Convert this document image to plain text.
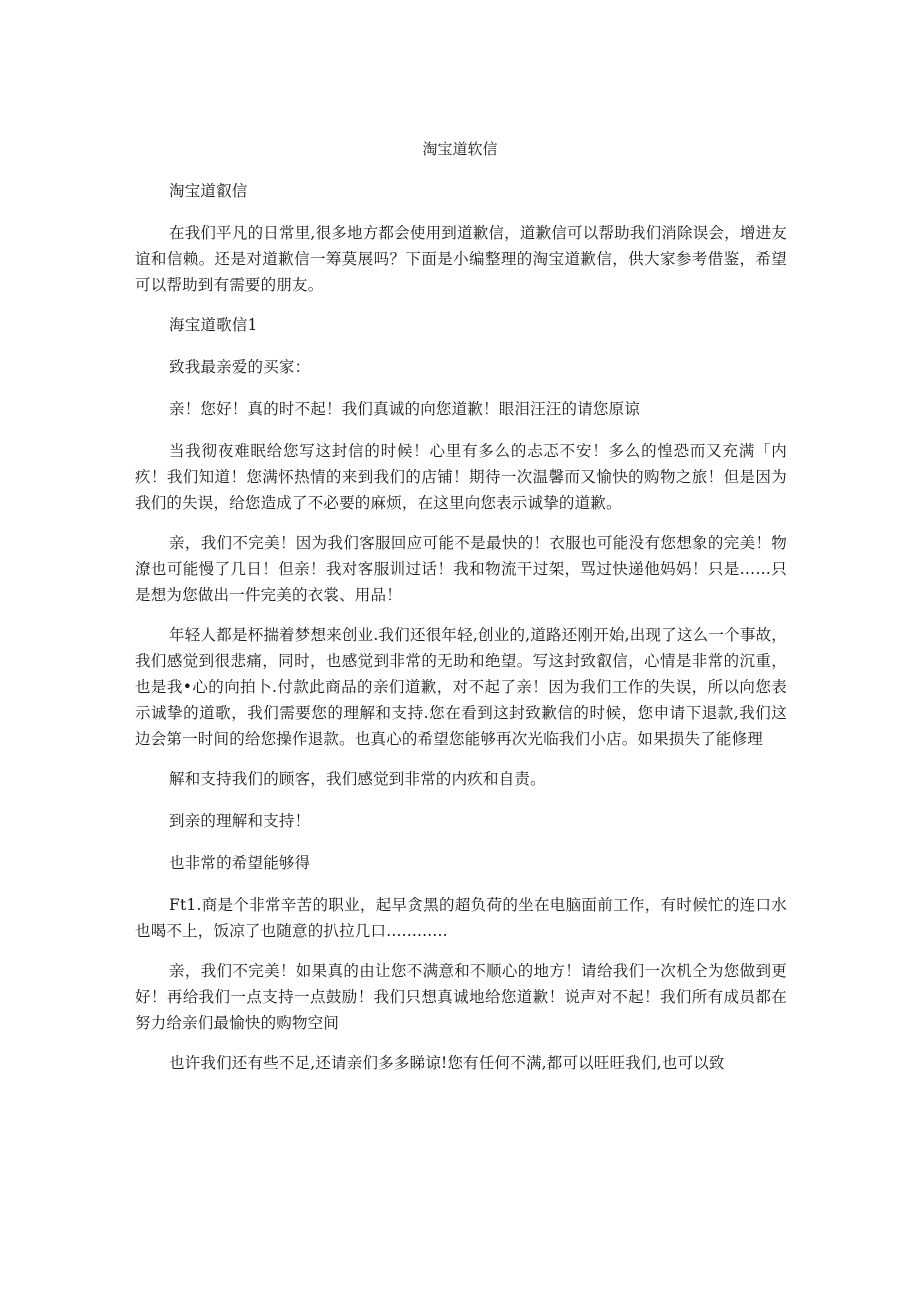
淘宝道软信

淘宝道叡信

在我们平凡的日常里,很多地方都会使用到道歉信，道歉信可以帮助我们消除误会，增进友谊和信赖。还是对道歉信一筹莫展吗？下面是小编整理的淘宝道歉信，供大家参考借鉴，希望可以帮助到有需要的朋友。

海宝道歌信1

致我最亲爱的买家：

亲！您好！真的时不起！我们真诚的向您道歉！眼泪汪汪的请您原谅

当我彻夜难眠给您写这封信的时候！心里有多么的忐忑不安！多么的惶恐而又充满「内疚！我们知道！您满怀热情的来到我们的店铺！期待一次温馨而又愉快的购物之旅！但是因为我们的失误，给您造成了不必要的麻烦，在这里向您表示诚挚的道歉。

亲，我们不完美！因为我们客服回应可能不是最快的！衣服也可能没有您想象的完美！物潦也可能慢了几日！但亲！我对客服训过话！我和物流干过架，骂过快递他妈妈！只是……只是想为您做出一件完美的衣裳、用品！

年轻人都是杯揣着梦想来创业.我们还很年轻,创业的,道路还刚开始,出现了这么一个事故，我们感觉到很悲痛，同时，也感觉到非常的无助和绝望。写这封致叡信，心情是非常的沉重，也是我•心的向拍卜.付款此商品的亲们道歉，对不起了亲！因为我们工作的失误，所以向您表示诚挚的道歌，我们需要您的理解和支持.您在看到这封致歉信的时候，您申请下退款,我们这边会第一时间的给您操作退款。也真心的希望您能够再次光临我们小店。如果损失了能修理

解和支持我们的顾客，我们感觉到非常的内疚和自责。

到亲的理解和支持！

也非常的希望能够得

Ft1.商是个非常辛苦的职业，起早贪黑的超负荷的坐在电脑面前工作，有时候忙的连口水也喝不上，饭凉了也随意的扒拉几口............

亲，我们不完美！如果真的由让您不满意和不顺心的地方！请给我们一次机仝为您做到更好！再给我们一点支持一点鼓励！我们只想真诚地给您道歉！说声对不起！我们所有成员都在努力给亲们最愉快的购物空间

也许我们还有些不足,还请亲们多多睇谅!您有任何不满,都可以旺旺我们,也可以致
